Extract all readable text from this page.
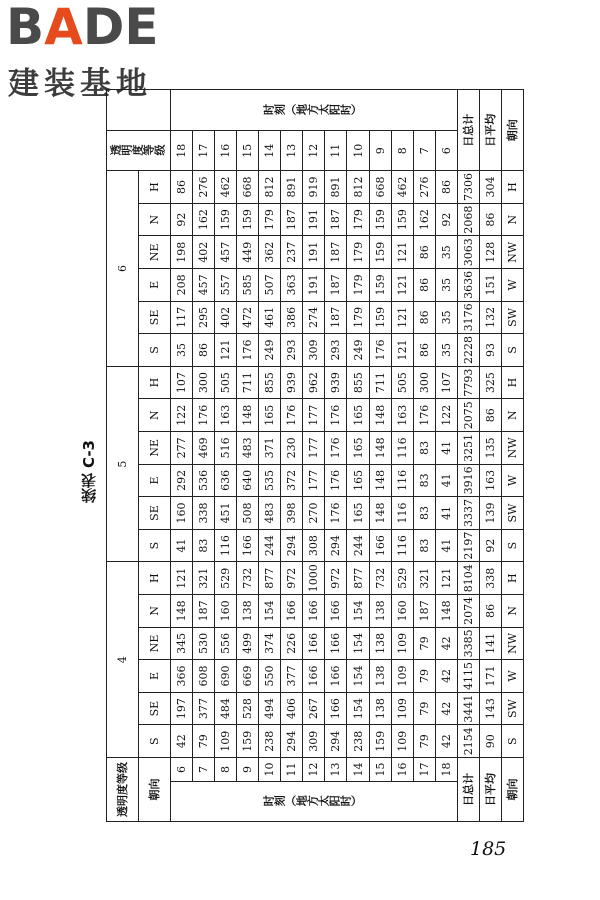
BADE
建装基地
续表 C-3
透明度等级		4						5						6						透明度等级	
朝向		S	SE	E	NE	N	H	S	SE	E	NE	N	H	S	SE	E	NE	N	H		
时刻（地方太阳时）	6	42	197	366	345	148	121	41	160	292	277	122	107	35	117	208	198	92	86	18	时刻（地方太阳时）
	7	79	377	608	530	187	321	83	338	536	469	176	300	86	295	457	402	162	276	17	
	8	109	484	690	556	160	529	116	451	636	516	163	505	121	402	557	457	159	462	16	
	9	159	528	669	499	138	732	166	508	640	483	148	711	176	472	585	449	159	668	15	
	10	238	494	550	374	154	877	244	483	535	371	165	855	249	461	507	362	179	812	14	
	11	294	406	377	226	166	972	294	398	372	230	176	939	293	386	363	237	187	891	13	
	12	309	267	166	166	166	1000	308	270	177	177	177	962	309	274	191	191	191	919	12	
	13	294	166	166	166	166	972	294	176	176	176	176	939	293	187	187	187	187	891	11	
	14	238	154	154	154	154	877	244	165	165	165	165	855	249	179	179	179	179	812	10	
	15	159	138	138	138	138	732	166	148	148	148	148	711	176	159	159	159	159	668	9	
	16	109	109	109	109	160	529	116	116	116	116	163	505	121	121	121	121	159	462	8	
	17	79	79	79	79	187	321	83	83	83	83	176	300	86	86	86	86	162	276	7	
	18	42	42	42	42	148	121	41	41	41	41	122	107	35	35	35	35	92	86	6	
日总计		2154	3441	4115	3385	2074	8104	2197	3337	3916	3251	2075	7793	2228	3176	3636	3063	2068	7306	日总计	
日平均		90	143	171	141	86	338	92	139	163	135	86	325	93	132	151	128	86	304	日平均	
朝向		S	SW	W	NW	N	H	S	SW	W	NW	N	H	S	SW	W	NW	N	H	朝向	
185
